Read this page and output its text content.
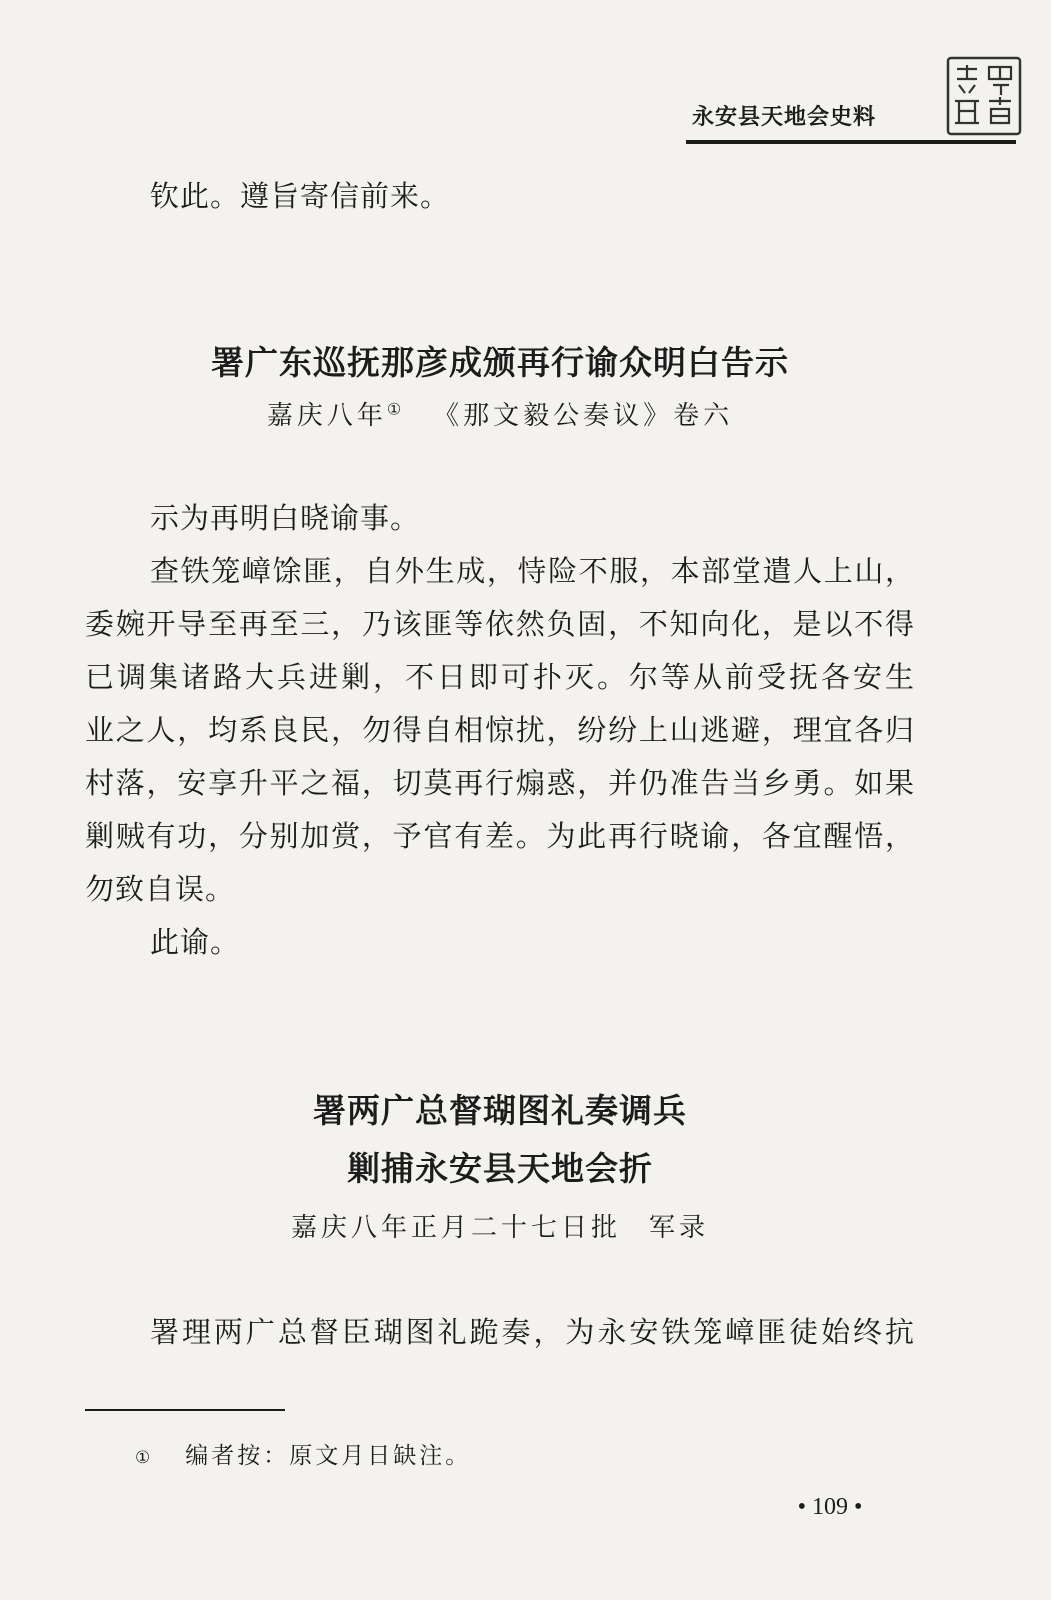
永安县天地会史料
钦此。遵旨寄信前来。
署广东巡抚那彦成颁再行谕众明白告示
嘉庆八年① 《那文毅公奏议》卷六
示为再明白晓谕事。
查铁笼嶂馀匪，自外生成，恃险不服，本部堂遣人上山，
委婉开导至再至三，乃该匪等依然负固，不知向化，是以不得
已调集诸路大兵进剿，不日即可扑灭。尔等从前受抚各安生
业之人，均系良民，勿得自相惊扰，纷纷上山逃避，理宜各归
村落，安享升平之福，切莫再行煽惑，并仍准告当乡勇。如果
剿贼有功，分别加赏，予官有差。为此再行晓谕，各宜醒悟，
勿致自误。
此谕。
署两广总督瑚图礼奏调兵
剿捕永安县天地会折
嘉庆八年正月二十七日批 军录
署理两广总督臣瑚图礼跪奏，为永安铁笼嶂匪徒始终抗
① 编者按：原文月日缺注。
• 109 •
